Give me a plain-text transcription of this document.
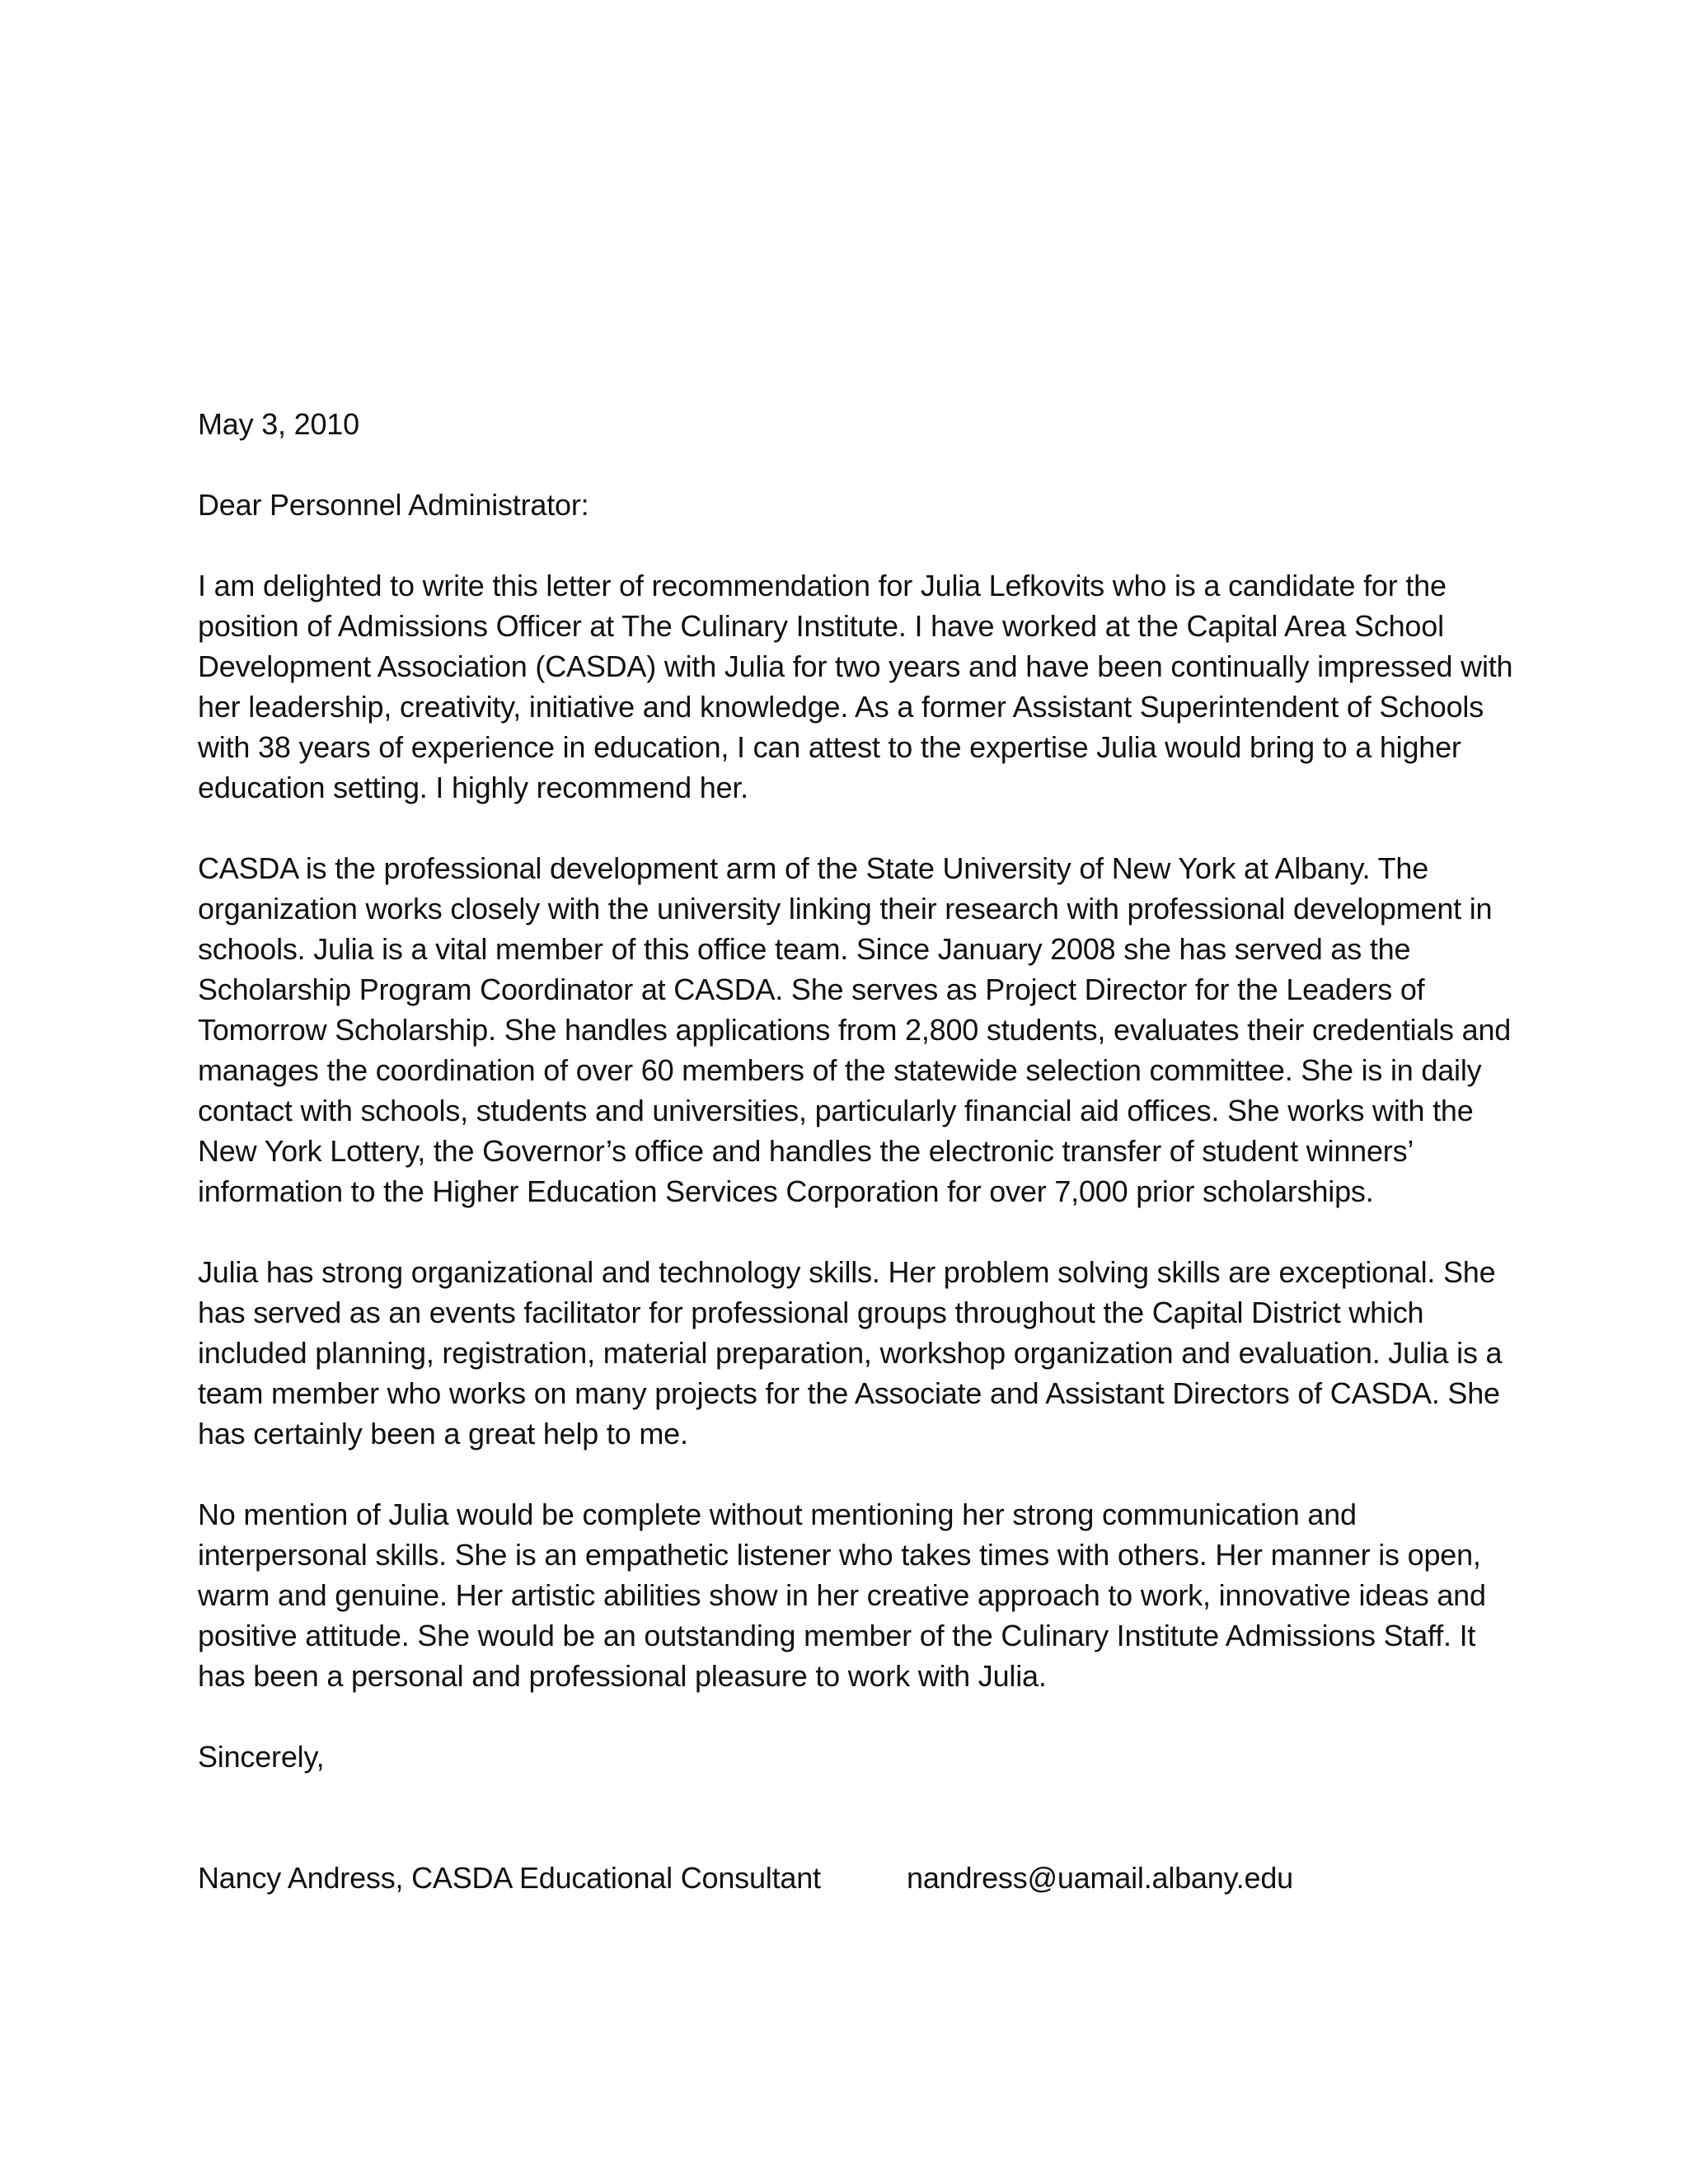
May 3, 2010

Dear Personnel Administrator:

I am delighted to write this letter of recommendation for Julia Lefkovits who is a candidate for the position of Admissions Officer at The Culinary Institute. I have worked at the Capital Area School Development Association (CASDA) with Julia for two years and have been continually impressed with her leadership, creativity, initiative and knowledge. As a former Assistant Superintendent of Schools with 38 years of experience in education, I can attest to the expertise Julia would bring to a higher education setting. I highly recommend her.

CASDA is the professional development arm of the State University of New York at Albany. The organization works closely with the university linking their research with professional development in schools. Julia is a vital member of this office team. Since January 2008 she has served as the Scholarship Program Coordinator at CASDA. She serves as Project Director for the Leaders of Tomorrow Scholarship. She handles applications from 2,800 students, evaluates their credentials and manages the coordination of over 60 members of the statewide selection committee. She is in daily contact with schools, students and universities, particularly financial aid offices. She works with the New York Lottery, the Governor’s office and handles the electronic transfer of student winners’ information to the Higher Education Services Corporation for over 7,000 prior scholarships.

Julia has strong organizational and technology skills. Her problem solving skills are exceptional. She has served as an events facilitator for professional groups throughout the Capital District which included planning, registration, material preparation, workshop organization and evaluation. Julia is a team member who works on many projects for the Associate and Assistant Directors of CASDA. She has certainly been a great help to me.

No mention of Julia would be complete without mentioning her strong communication and interpersonal skills. She is an empathetic listener who takes times with others. Her manner is open, warm and genuine. Her artistic abilities show in her creative approach to work, innovative ideas and positive attitude. She would be an outstanding member of the Culinary Institute Admissions Staff. It has been a personal and professional pleasure to work with Julia.

Sincerely,

Nancy Andress, CASDA Educational Consultant	nandress@uamail.albany.edu
